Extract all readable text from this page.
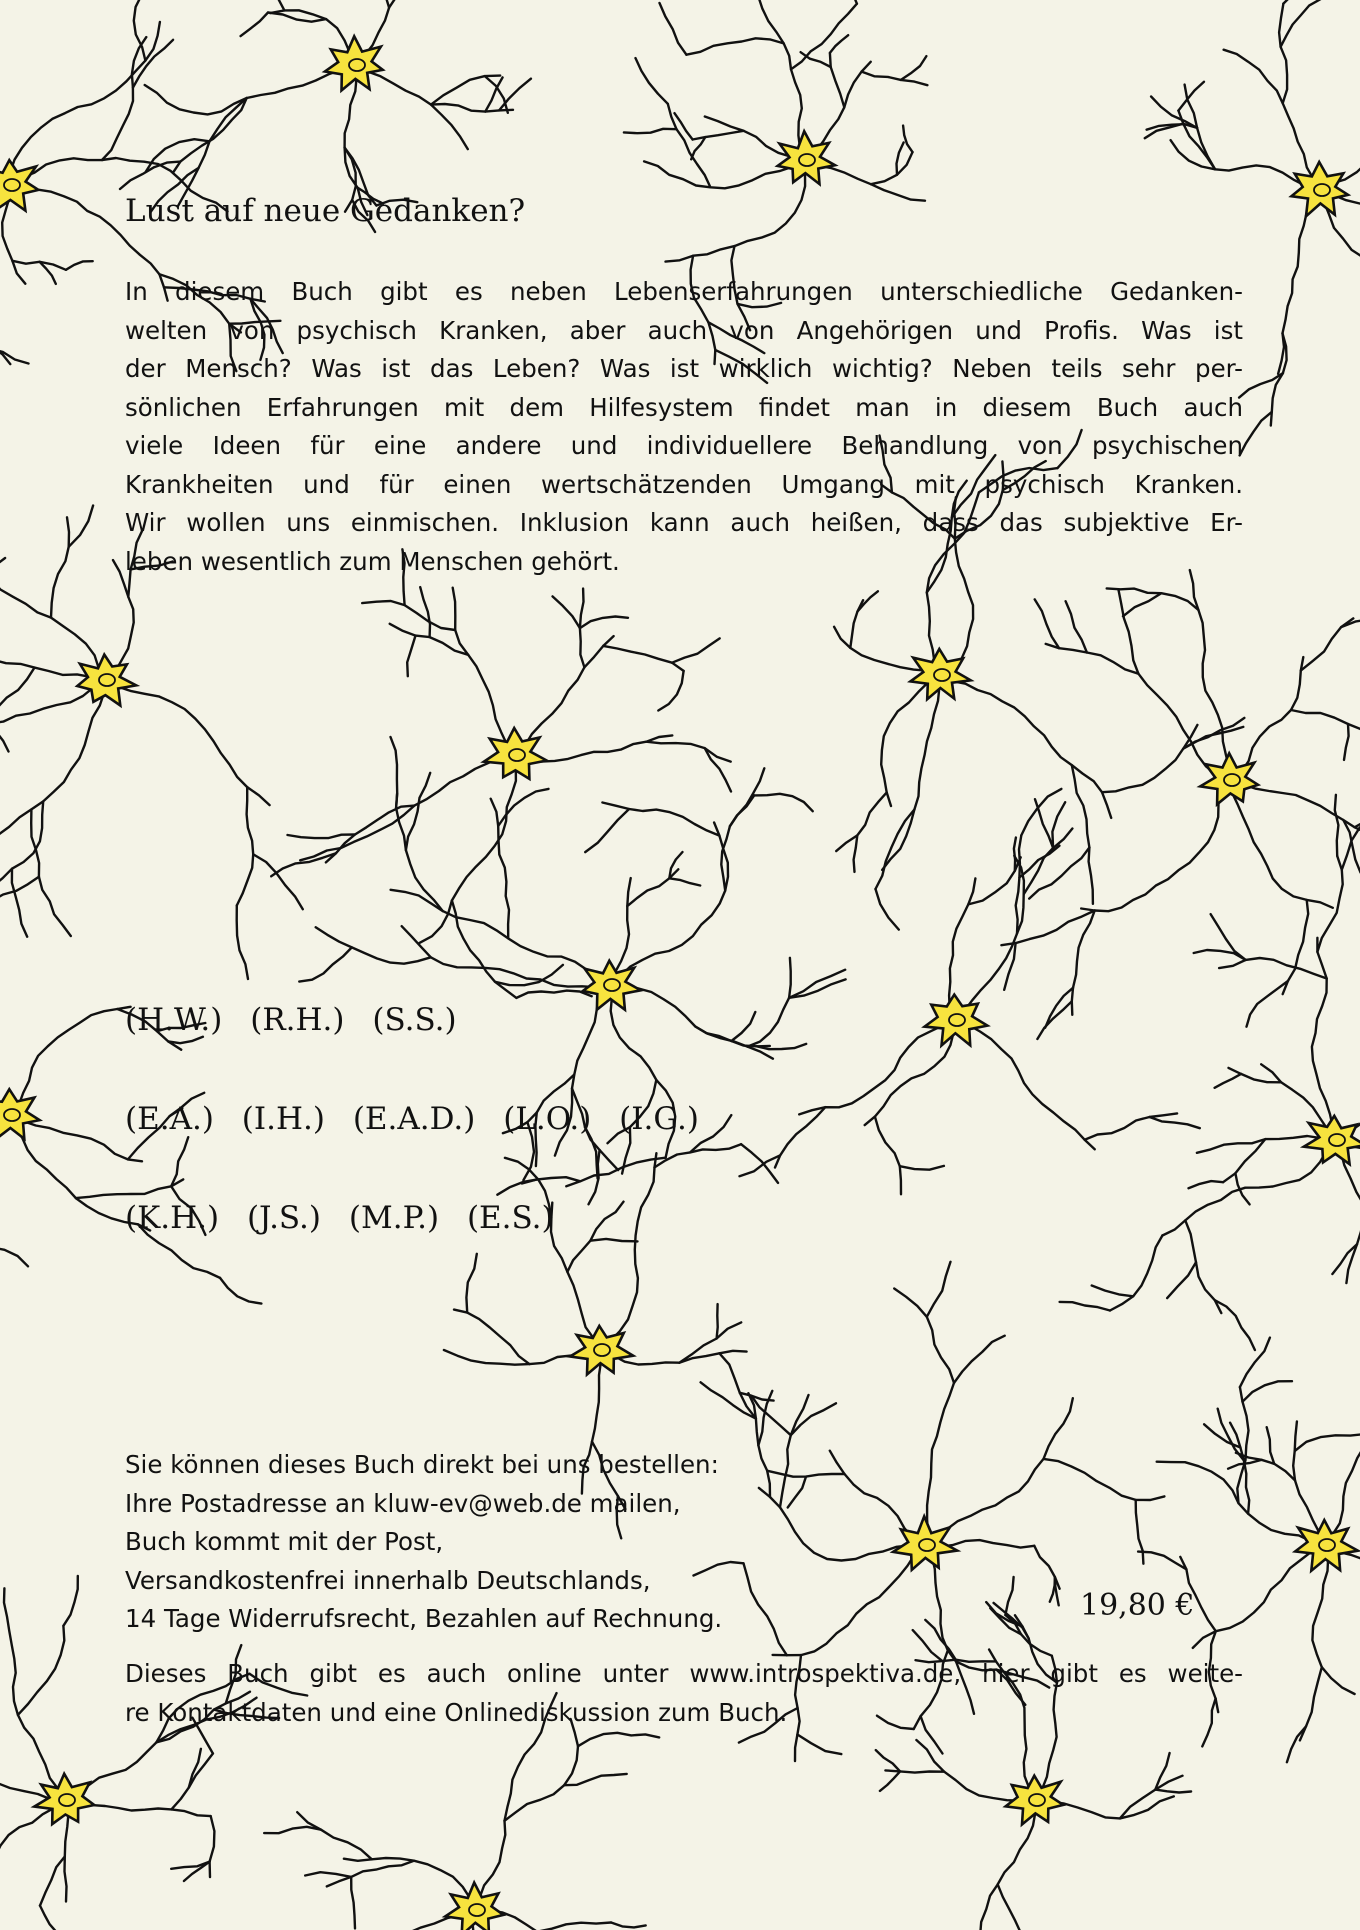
Lust auf neue Gedanken?
In diesem Buch gibt es neben Lebenserfahrungen unterschiedliche Gedanken-
welten von psychisch Kranken, aber auch von Angehörigen und Profis. Was ist
der Mensch? Was ist das Leben? Was ist wirklich wichtig? Neben teils sehr per-
sönlichen Erfahrungen mit dem Hilfesystem findet man in diesem Buch auch
viele Ideen für eine andere und individuellere Behandlung von psychischen
Krankheiten und für einen wertschätzenden Umgang mit psychisch Kranken.
Wir wollen uns einmischen. Inklusion kann auch heißen, dass das subjektive Er-
leben wesentlich zum Menschen gehört.
(H.W.) (R.H.) (S.S.)
(E.A.) (I.H.) (E.A.D.) (L.O.) (I.G.)
(K.H.) (J.S.) (M.P.) (E.S.)
Sie können dieses Buch direkt bei uns bestellen:
Ihre Postadresse an kluw-ev@web.de mailen,
Buch kommt mit der Post,
Versandkostenfrei innerhalb Deutschlands,
14 Tage Widerrufsrecht, Bezahlen auf Rechnung.	19,80 €
Dieses Buch gibt es auch online unter www.introspektiva.de, hier gibt es weite-
re Kontaktdaten und eine Onlinediskussion zum Buch.
